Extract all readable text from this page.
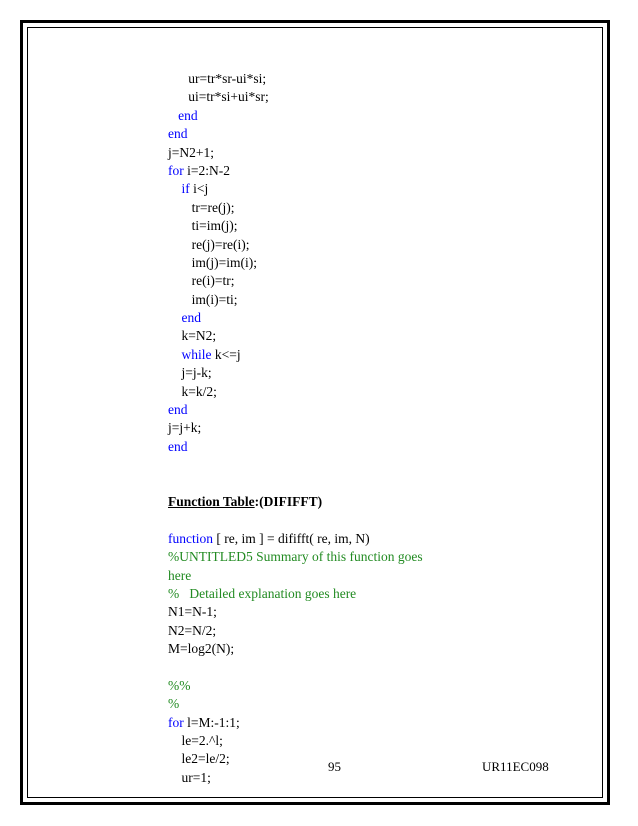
ur=tr*sr-ui*si;
ui=tr*si+ui*sr;
end
end
j=N2+1;
for i=2:N-2
if i<j
tr=re(j);
ti=im(j);
re(j)=re(i);
im(j)=im(i);
re(i)=tr;
im(i)=ti;
end
k=N2;
while k<=j
j=j-k;
k=k/2;
end
j=j+k;
end
Function Table:(DIFIFFT)
function [ re, im ] = dififft( re, im, N)
%UNTITLED5 Summary of this function goes
here
%   Detailed explanation goes here
N1=N-1;
N2=N/2;
M=log2(N);
%%
%
for l=M:-1:1;
le=2.^l;
le2=le/2;
ur=1;
95	UR11EC098
